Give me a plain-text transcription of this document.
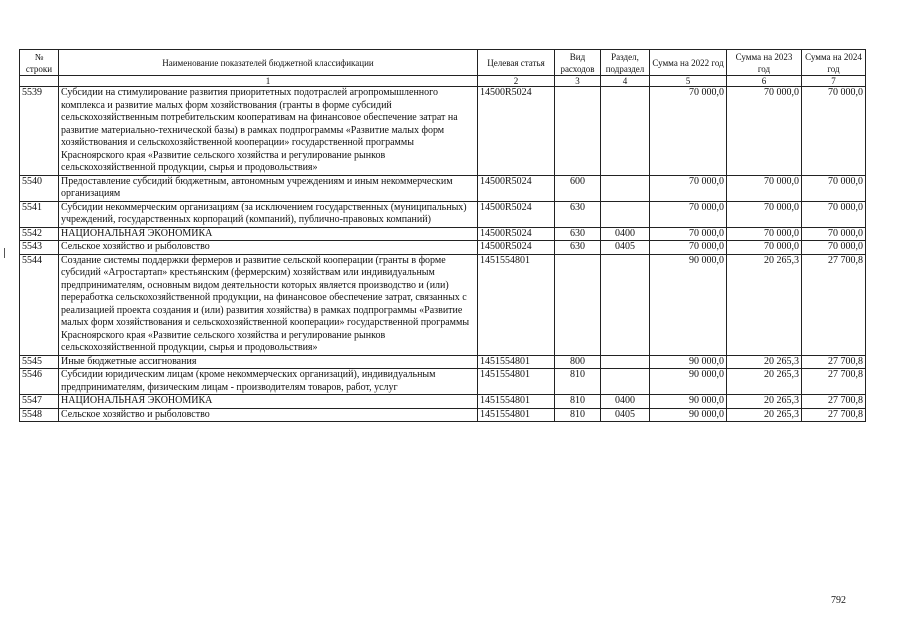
№ строки	Наименование показателей бюджетной классификации	Целевая статья	Вид расходов	Раздел, подраздел	Сумма на 2022 год	Сумма на 2023 год	Сумма на 2024 год
	1	2	3	4	5	6	7
5539	Субсидии на стимулирование развития приоритетных подотраслей агропромышленного комплекса и развитие малых форм хозяйствования (гранты в форме субсидий сельскохозяйственным потребительским кооперативам на финансовое обеспечение затрат на развитие материально-технической базы) в рамках подпрограммы «Развитие малых форм хозяйствования и сельскохозяйственной кооперации» государственной программы Красноярского края «Развитие сельского хозяйства и регулирование рынков сельскохозяйственной продукции, сырья и продовольствия»	14500R5024			70 000,0	70 000,0	70 000,0
5540	Предоставление субсидий бюджетным, автономным учреждениям и иным некоммерческим организациям	14500R5024	600		70 000,0	70 000,0	70 000,0
5541	Субсидии некоммерческим организациям (за исключением государственных (муниципальных) учреждений, государственных корпораций (компаний), публично-правовых компаний)	14500R5024	630		70 000,0	70 000,0	70 000,0
5542	НАЦИОНАЛЬНАЯ ЭКОНОМИКА	14500R5024	630	0400	70 000,0	70 000,0	70 000,0
5543	Сельское хозяйство и рыболовство	14500R5024	630	0405	70 000,0	70 000,0	70 000,0
5544	Создание системы поддержки фермеров и развитие сельской кооперации (гранты в форме субсидий «Агростартап» крестьянским (фермерским) хозяйствам или индивидуальным предпринимателям, основным видом деятельности которых является производство и (или) переработка сельскохозяйственной продукции, на финансовое обеспечение затрат, связанных с реализацией проекта создания и (или) развития хозяйства) в рамках подпрограммы «Развитие малых форм хозяйствования и сельскохозяйственной кооперации» государственной программы Красноярского края «Развитие сельского хозяйства и регулирование рынков сельскохозяйственной продукции, сырья и продовольствия»	1451554801			90 000,0	20 265,3	27 700,8
5545	Иные бюджетные ассигнования	1451554801	800		90 000,0	20 265,3	27 700,8
5546	Субсидии юридическим лицам (кроме некоммерческих организаций), индивидуальным предпринимателям, физическим лицам - производителям товаров, работ, услуг	1451554801	810		90 000,0	20 265,3	27 700,8
5547	НАЦИОНАЛЬНАЯ ЭКОНОМИКА	1451554801	810	0400	90 000,0	20 265,3	27 700,8
5548	Сельское хозяйство и рыболовство	1451554801	810	0405	90 000,0	20 265,3	27 700,8
792
